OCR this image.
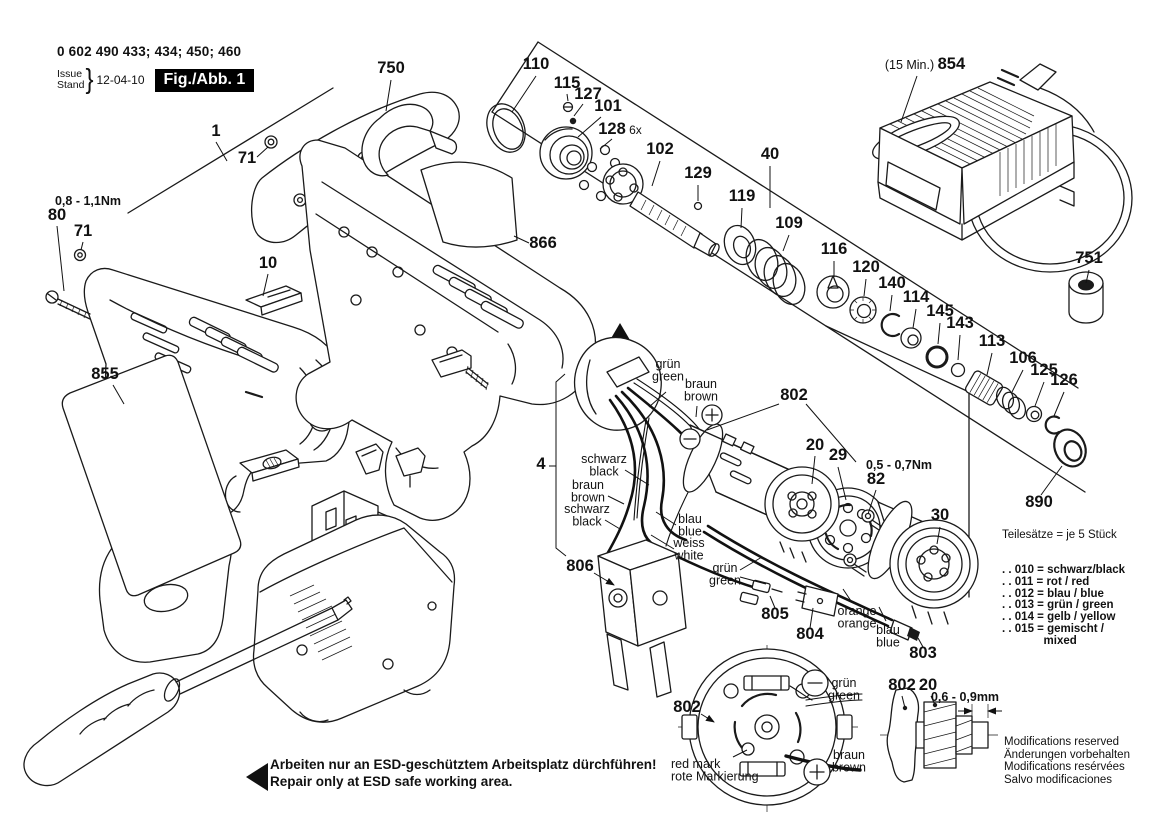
1
71
0,8 - 1,1Nm
80
71
10
855
750
866
110
115
127
101
128 6x
102
129
40
119
109
116
120
140
114
145
143
113
106
125
126
(15 Min.) 854
751
802
20
29
0,5 - 0,7Nm
82
30
890
4
806
805
804
803
802
802 20
0,6 - 0,9mm
grün green
braun brown
schwarz black
braun brown
schwarz black	blau blue
weiss white
grün green
orange orange blau blue
grün green
braun brown
red mark rote Markierung
0 602 490 433; 434; 450; 460
Issue
Stand } 12-04-10	Fig./Abb. 1

Teilesätze = je 5 Stück

. . 010 = schwarz/black
. . 011 = rot / red
. . 012 = blau / blue
. . 013 = grün / green
. . 014 = gelb / yellow
. . 015 = gemischt /
mixed

Modifications reserved
Änderungen vorbehalten
Modifications resérvées
Salvo modificaciones
Arbeiten nur an ESD-geschütztem Arbeitsplatz dürchführen!
Repair only at ESD safe working area.
